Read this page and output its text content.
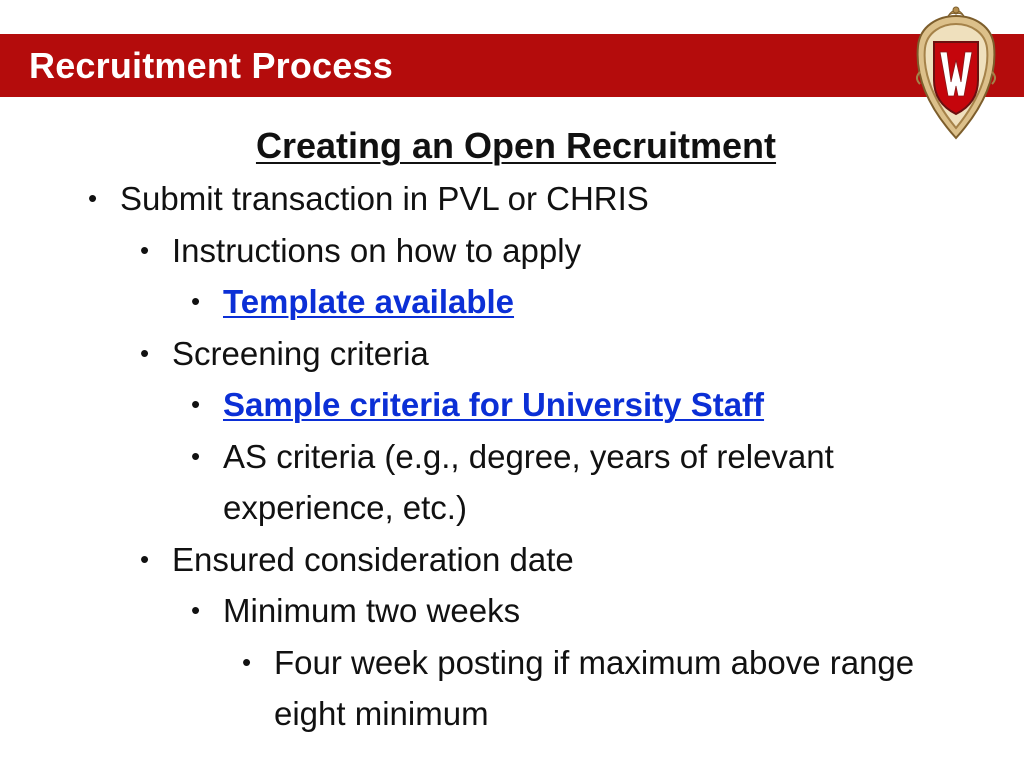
Recruitment Process
Creating an Open Recruitment
• Submit transaction in PVL or CHRIS
• Instructions on how to apply
• Template available
• Screening criteria
• Sample criteria for University Staff
• AS criteria (e.g., degree, years of relevant experience, etc.)
• Ensured consideration date
• Minimum two weeks
• Four week posting if maximum above range eight minimum
